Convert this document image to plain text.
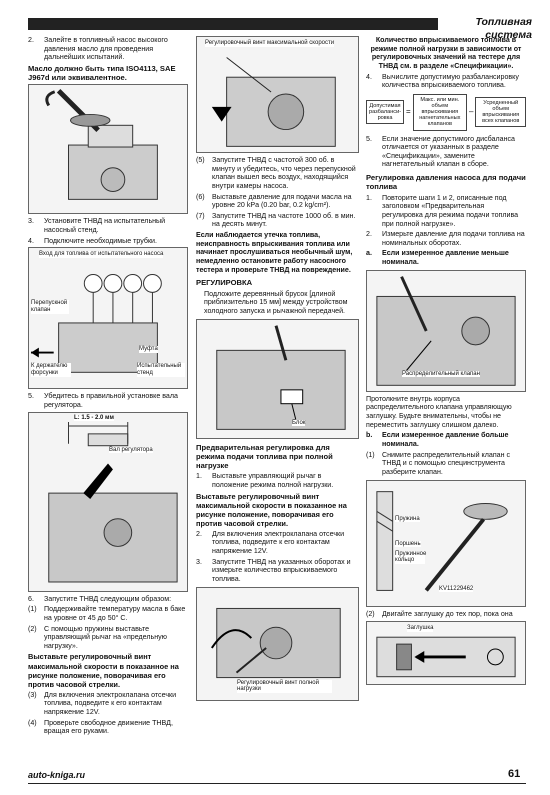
Топливная система
2.	Залейте в топливный насос высокого давления масло для проведения дальнейших испытаний.

Масло должно быть типа ISO4113, SAE J967d или эквивалентное.

3.	Установите ТНВД на испытательный насосный стенд.
4.	Подключите необходимые трубки.
Вход для топлива от испытательного насоса
Перепускной клапан
Муфта
К держателю форсунки
Испытательный стенд
5.	Убедитесь в правильной установке вала регулятора.
L: 1.5 - 2.0 мм
Вал регулятора
6.	Запустите ТНВД следующим образом:
(1)	Поддерживайте температуру масла в баке на уровне от 45 до 50° С.
(2)	С помощью пружины выставьте управляющий рычаг на «предельную нагрузку».

Выставьте регулировочный винт максимальной скорости в показанное на рисунке положение, поворачивая его против часовой стрелки.

(3)	Для включения электроклапана отсечки топлива, подведите к его контактам напряжение 12V.
(4)	Проверьте свободное движение ТНВД, вращая его руками.
Регулировочный винт максимальной скорости
(5)	Запустите ТНВД с частотой 300 об. в минуту и убедитесь, что через перепускной клапан вышел весь воздух, находящийся внутри камеры насоса.
(6)	Выставьте давление для подачи масла на уровне 20 kPa (0.20 bar, 0.2 kg/cm²).
(7)	Запустите ТНВД на частоте 1000 об. в мин. на десять минут.

Если наблюдается утечка топлива, неисправность впрыскивания топлива или начинает прослушиваться необычный шум, немедленно остановите работу насосного тестера и проверьте ТНВД на повреждение.

РЕГУЛИРОВКА

Подложите деревянный брусок [длиной приблизительно 15 мм] между устройством холодного запуска и рычажной передачей.

Блок
Предварительная регулировка для режима подачи топлива при полной нагрузке
1.	Выставьте управляющий рычаг в положение режима полной нагрузки.

Выставьте регулировочный винт максимальной скорости в показанное на рисунке положение, поворачивая его против часовой стрелки.

2.	Для включения электроклапана отсечки топлива, подведите к его контактам напряжение 12V.
3.	Запустите ТНВД на указанных оборотах и измерьте количество впрыскиваемого топлива.
Регулировочный винт полной нагрузки

Количество впрыскиваемого топлива в режиме полной нагрузки в зависимости от регулировочных значений на тестере для ТНВД см. в разделе «Спецификации».

4.	Вычислите допустимую разбалансировку количества впрыскиваемого топлива.
Допустимая разбаланси-ровка
=
Макс. или мин. объем впрыскивания нагнетательных клапанов
–
Усредненный объем впрыскивания всех клапанов
5.	Если значение допустимого дисбаланса отличается от указанных в разделе «Спецификации», замените нагнетательный клапан в сборе.
Регулировка давления насоса для подачи топлива
1.	Повторите шаги 1 и 2, описанные под заголовком «Предварительная регулировка для режима подачи топлива при полной нагрузке».
2.	Измерьте давление для подачи топлива на номинальных оборотах.
a.	Если измеренное давление меньше номинала.
Распределительный клапан

Протолкните внутрь корпуса распределительного клапана управляющую заглушку. Будьте внимательны, чтобы не переместить заглушку слишком далеко.

b.	Если измеренное давление больше номинала.
(1)	Снимите распределительный клапан с ТНВД и с помощью специнструмента разберите клапан.
Пружина
Поршень
Пружинное кольцо
KV11229462
(2)	Двигайте заглушку до тех пор, пока она
Заглушка
auto-kniga.ru	61
